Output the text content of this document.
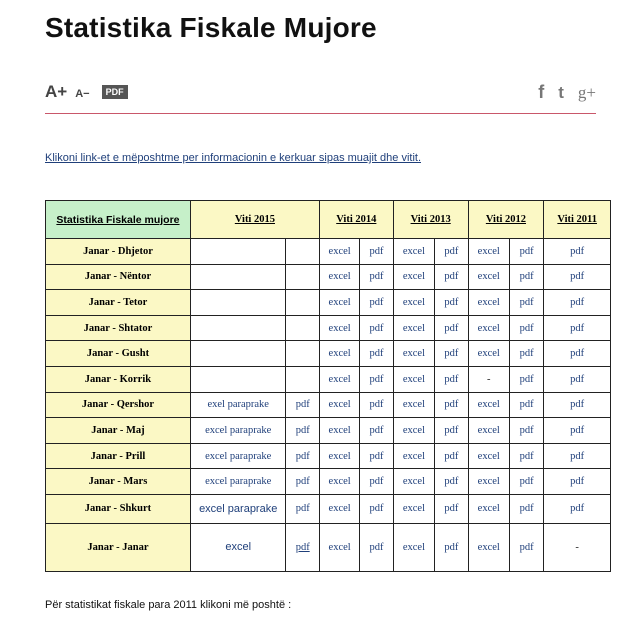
Statistika Fiskale Mujore
A+ A−	PDF	f t g+
Klikoni link-et e mëposhtme per informacionin e kerkuar sipas muajit dhe vitit.
Statistika Fiskale mujore	Viti 2015		Viti 2014		Viti 2013		Viti 2012		Viti 2011
Janar - Dhjetor			excel	pdf	excel	pdf	excel	pdf	pdf
Janar - Nëntor			excel	pdf	excel	pdf	excel	pdf	pdf
Janar - Tetor			excel	pdf	excel	pdf	excel	pdf	pdf
Janar - Shtator			excel	pdf	excel	pdf	excel	pdf	pdf
Janar - Gusht			excel	pdf	excel	pdf	excel	pdf	pdf
Janar - Korrik			excel	pdf	excel	pdf	-	pdf	pdf
Janar - Qershor	exel paraprake	pdf	excel	pdf	excel	pdf	excel	pdf	pdf
Janar - Maj	excel paraprake	pdf	excel	pdf	excel	pdf	excel	pdf	pdf
Janar - Prill	excel paraprake	pdf	excel	pdf	excel	pdf	excel	pdf	pdf
Janar - Mars	excel paraprake	pdf	excel	pdf	excel	pdf	excel	pdf	pdf
Janar - Shkurt	excel paraprake	pdf	excel	pdf	excel	pdf	excel	pdf	pdf
Janar - Janar	excel	pdf	excel	pdf	excel	pdf	excel	pdf	-
Për statistikat fiskale para 2011 klikoni më poshtë :
